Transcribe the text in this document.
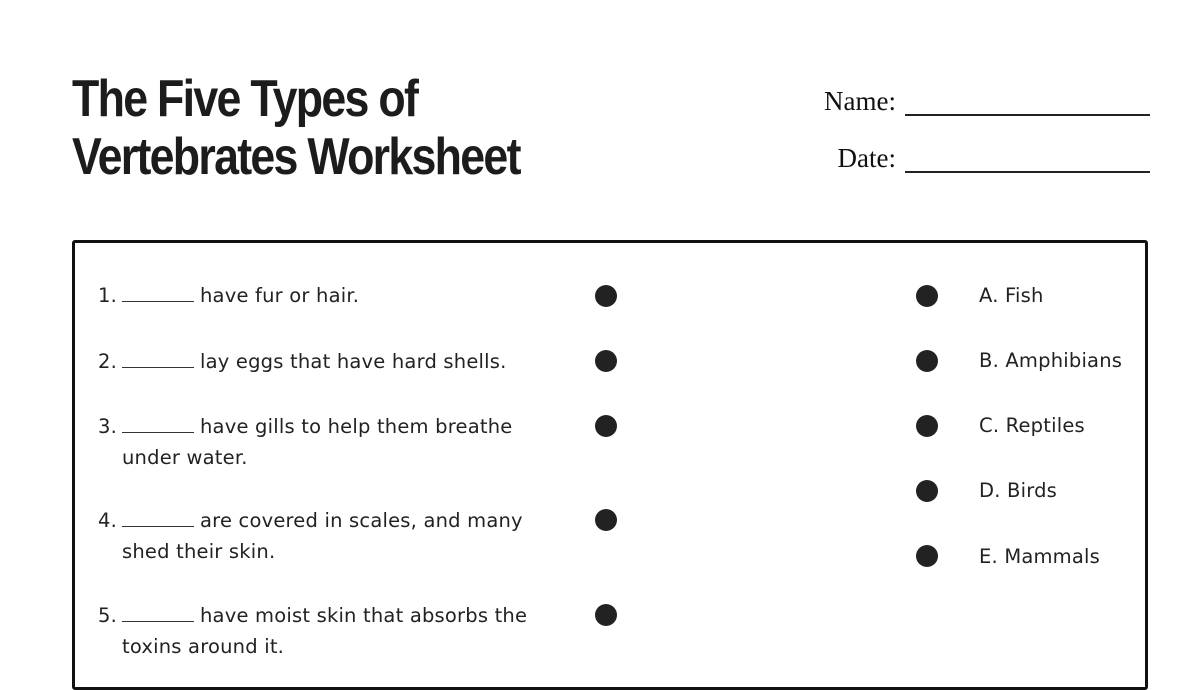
The Five Types of Vertebrates Worksheet
Name:
Date:
1.	have fur or hair.
2.	lay eggs that have hard shells.
3.	have gills to help them breathe under water.
4.	are covered in scales, and many shed their skin.
5.	have moist skin that absorbs the toxins around it.
A. Fish
B. Amphibians
C. Reptiles
D. Birds
E. Mammals
